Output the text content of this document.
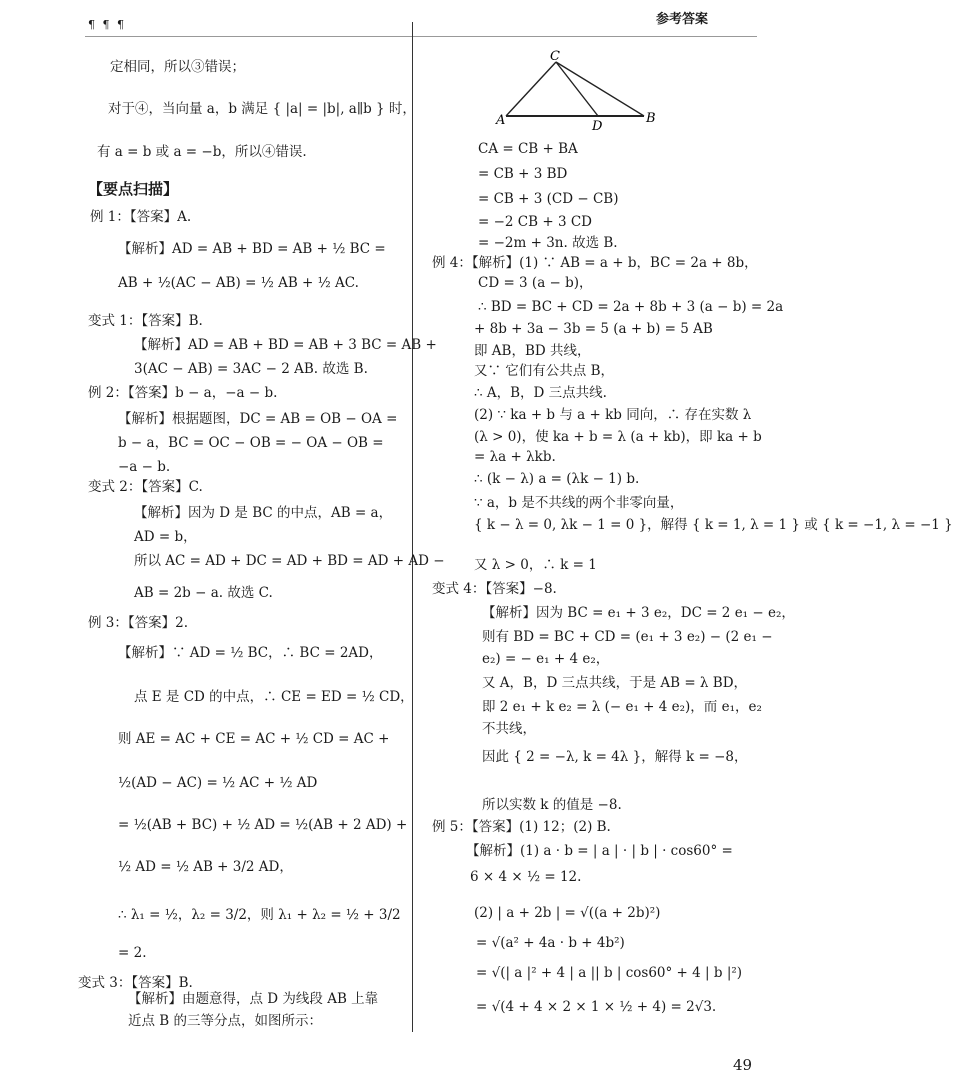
¶ ¶ ¶	参考答案
A	B
C
D
定相同，所以③错误；
对于④，当向量 a，b 满足 { |a| = |b|, a∥b } 时，
有 a = b 或 a = −b，所以④错误.
【要点扫描】
例 1：【答案】A.
【解析】AD = AB + BD = AB + ½ BC =
AB + ½(AC − AB) = ½ AB + ½ AC.
变式 1：【答案】B.
【解析】AD = AB + BD = AB + 3 BC = AB +
3(AC − AB) = 3AC − 2 AB. 故选 B.
例 2：【答案】b − a，−a − b.
【解析】根据题图，DC = AB = OB − OA =
b − a，BC = OC − OB = − OA − OB =
−a − b.
变式 2：【答案】C.
【解析】因为 D 是 BC 的中点，AB = a，
AD = b，
所以 AC = AD + DC = AD + BD = AD + AD −
AB = 2b − a. 故选 C.
例 3：【答案】2.
【解析】∵ AD = ½ BC，∴ BC = 2AD，
点 E 是 CD 的中点，∴ CE = ED = ½ CD，
则 AE = AC + CE = AC + ½ CD = AC +
½(AD − AC) = ½ AC + ½ AD
= ½(AB + BC) + ½ AD = ½(AB + 2 AD) +
½ AD = ½ AB + 3/2 AD，
∴ λ₁ = ½，λ₂ = 3/2，则 λ₁ + λ₂ = ½ + 3/2
= 2.
变式 3：【答案】B.
【解析】由题意得，点 D 为线段 AB 上靠
近点 B 的三等分点，如图所示：
CA = CB + BA
= CB + 3 BD
= CB + 3 (CD − CB)
= −2 CB + 3 CD
= −2m + 3n. 故选 B.
例 4：【解析】(1) ∵ AB = a + b，BC = 2a + 8b，
CD = 3 (a − b)，
∴ BD = BC + CD = 2a + 8b + 3 (a − b) = 2a
+ 8b + 3a − 3b = 5 (a + b) = 5 AB
即 AB，BD 共线，
又∵ 它们有公共点 B，
∴ A，B，D 三点共线.
(2) ∵ ka + b 与 a + kb 同向，∴ 存在实数 λ
(λ > 0)，使 ka + b = λ (a + kb)，即 ka + b
= λa + λkb.
∴ (k − λ) a = (λk − 1) b.
∵ a，b 是不共线的两个非零向量，
{ k − λ = 0, λk − 1 = 0 }，解得 { k = 1, λ = 1 } 或 { k = −1, λ = −1 }
又 λ > 0，∴ k = 1
变式 4：【答案】−8.
【解析】因为 BC = e₁ + 3 e₂，DC = 2 e₁ − e₂，
则有 BD = BC + CD = (e₁ + 3 e₂) − (2 e₁ −
e₂) = − e₁ + 4 e₂，
又 A，B，D 三点共线，于是 AB = λ BD，
即 2 e₁ + k e₂ = λ (− e₁ + 4 e₂)，而 e₁，e₂
不共线，
因此 { 2 = −λ, k = 4λ }，解得 k = −8，
所以实数 k 的值是 −8.
例 5：【答案】(1) 12；(2) B.
【解析】(1) a · b = | a | · | b | · cos60° =
6 × 4 × ½ = 12.
(2) | a + 2b | = √((a + 2b)²)
= √(a² + 4a · b + 4b²)
= √(| a |² + 4 | a || b | cos60° + 4 | b |²)
= √(4 + 4 × 2 × 1 × ½ + 4) = 2√3.
49
